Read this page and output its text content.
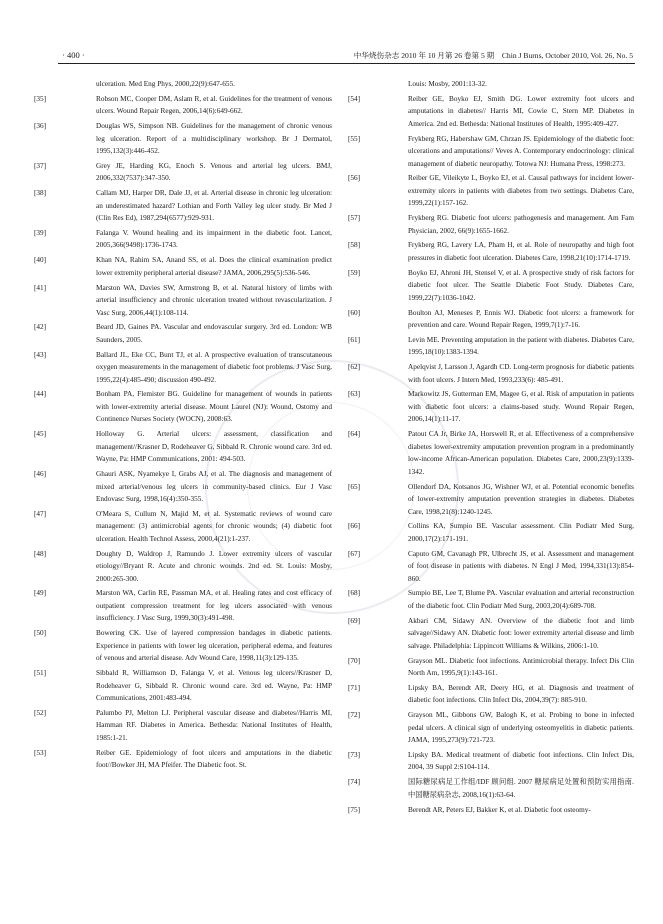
· 400 ·	中华烧伤杂志 2010 年 10 月第 26 卷第 5 期　Chin J Burns, October 2010, Vol. 26, No. 5
ulceration. Med Eng Phys, 2000,22(9):647-655.
[35]	Robson MC, Cooper DM, Aslam R, et al. Guidelines for the treatment of venous ulcers. Wound Repair Regen, 2006,14(6):649-662.
[36]	Douglas WS, Simpson NB. Guidelines for the management of chronic venous leg ulceration. Report of a multidisciplinary workshop. Br J Dermatol, 1995,132(3):446-452.
[37]	Grey JE, Harding KG, Enoch S. Venous and arterial leg ulcers. BMJ, 2006,332(7537):347-350.
[38]	Callam MJ, Harper DR, Dale JJ, et al. Arterial disease in chronic leg ulceration: an underestimated hazard? Lothian and Forth Valley leg ulcer study. Br Med J (Clin Res Ed), 1987,294(6577):929-931.
[39]	Falanga V. Wound healing and its impairment in the diabetic foot. Lancet, 2005,366(9498):1736-1743.
[40]	Khan NA, Rahim SA, Anand SS, et al. Does the clinical examination predict lower extremity peripheral arterial disease? JAMA, 2006,295(5):536-546.
[41]	Marston WA, Davies SW, Armstrong B, et al. Natural history of limbs with arterial insufficiency and chronic ulceration treated without revascularization. J Vasc Surg, 2006,44(1):108-114.
[42]	Beard JD, Gaines PA. Vascular and endovascular surgery. 3rd ed. London: WB Saunders, 2005.
[43]	Ballard JL, Eke CC, Bunt TJ, et al. A prospective evaluation of transcutaneous oxygen measurements in the management of diabetic foot problems. J Vasc Surg, 1995,22(4):485-490; discussion 490-492.
[44]	Bonham PA, Flemister BG. Guideline for management of wounds in patients with lower-extremity arterial disease. Mount Laurel (NJ): Wound, Ostomy and Continence Nurses Society (WOCN), 2008:63.
[45]	Holloway G. Arterial ulcers: assessment, classification and management//Krasner D, Rodeheaver G, Sibbald R. Chronic wound care. 3rd ed. Wayne, Pa: HMP Communications, 2001: 494-503.
[46]	Ghauri ASK, Nyamekye I, Grabs AJ, et al. The diagnosis and management of mixed arterial/venous leg ulcers in community-based clinics. Eur J Vasc Endovasc Surg, 1998,16(4):350-355.
[47]	O'Meara S, Cullum N, Majid M, et al. Systematic reviews of wound care management: (3) antimicrobial agents for chronic wounds; (4) diabetic foot ulceration. Health Technol Assess, 2000,4(21):1-237.
[48]	Doughty D, Waldrop J, Ramundo J. Lower extremity ulcers of vascular etiology//Bryant R. Acute and chronic wounds. 2nd ed. St. Louis: Mosby, 2000:265-300.
[49]	Marston WA, Carlin RE, Passman MA, et al. Healing rates and cost efficacy of outpatient compression treatment for leg ulcers associated with venous insufficiency. J Vasc Surg, 1999,30(3):491-498.
[50]	Bowering CK. Use of layered compression bandages in diabetic patients. Experience in patients with lower leg ulceration, peripheral edema, and features of venous and arterial disease. Adv Wound Care, 1998,11(3):129-135.
[51]	Sibbald R, Williamson D, Falanga V, et al. Venous leg ulcers//Krasner D, Rodeheaver G, Sibbald R. Chronic wound care. 3rd ed. Wayne, Pa: HMP Communications, 2001:483-494.
[52]	Palumbo PJ, Melton LJ. Peripheral vascular disease and diabetes//Harris MI, Hamman RF. Diabetes in America. Bethesda: National Institutes of Health, 1985:1-21.
[53]	Reiber GE. Epidemiology of foot ulcers and amputations in the diabetic foot//Bowker JH, MA Pfeifer. The Diabetic foot. St.
Louis: Mosby, 2001:13-32.
[54]	Reiber GE, Boyko EJ, Smith DG. Lower extremity foot ulcers and amputations in diabetes// Harris MI, Cowie C, Stern MP. Diabetes in America. 2nd ed. Bethesda: National Institutes of Health, 1995:409-427.
[55]	Frykberg RG, Habershaw GM, Chrzan JS. Epidemiology of the diabetic foot: ulcerations and amputations// Veves A. Contemporary endocrinology: clinical management of diabetic neuropathy. Totowa NJ: Humana Press, 1998:273.
[56]	Reiber GE, Vileikyte L, Boyko EJ, et al. Causal pathways for incident lower-extremity ulcers in patients with diabetes from two settings. Diabetes Care, 1999,22(1):157-162.
[57]	Frykberg RG. Diabetic foot ulcers: pathogenesis and management. Am Fam Physician, 2002, 66(9):1655-1662.
[58]	Frykberg RG, Lavery LA, Pham H, et al. Role of neuropathy and high foot pressures in diabetic foot ulceration. Diabetes Care, 1998,21(10):1714-1719.
[59]	Boyko EJ, Ahroni JH, Stensel V, et al. A prospective study of risk factors for diabetic foot ulcer. The Seattle Diabetic Foot Study. Diabetes Care, 1999,22(7):1036-1042.
[60]	Boulton AJ, Meneses P, Ennis WJ. Diabetic foot ulcers: a framework for prevention and care. Wound Repair Regen, 1999,7(1):7-16.
[61]	Levin ME. Preventing amputation in the patient with diabetes. Diabetes Care, 1995,18(10):1383-1394.
[62]	Apelqvist J, Larsson J, Agardh CD. Long-term prognosis for diabetic patients with foot ulcers. J Intern Med, 1993,233(6): 485-491.
[63]	Markowitz JS, Gutterman EM, Magee G, et al. Risk of amputation in patients with diabetic foot ulcers: a claims-based study. Wound Repair Regen, 2006,14(1):11-17.
[64]	Patout CA Jr, Birke JA, Horswell R, et al. Effectiveness of a comprehensive diabetes lower-extremity amputation prevention program in a predominantly low-income African-American population. Diabetes Care, 2000,23(9):1339-1342.
[65]	Ollendorf DA, Kotsanos JG, Wishner WJ, et al. Potential economic benefits of lower-extremity amputation prevention strategies in diabetes. Diabetes Care, 1998,21(8):1240-1245.
[66]	Collins KA, Sumpio BE. Vascular assessment. Clin Podiatr Med Surg, 2000,17(2):171-191.
[67]	Caputo GM, Cavanagh PR, Ulbrecht JS, et al. Assessment and management of foot disease in patients with diabetes. N Engl J Med, 1994,331(13):854-860.
[68]	Sumpio BE, Lee T, Blume PA. Vascular evaluation and arterial reconstruction of the diabetic foot. Clin Podiatr Med Surg, 2003,20(4):689-708.
[69]	Akbari CM, Sidawy AN. Overview of the diabetic foot and limb salvage//Sidawy AN. Diabetic foot: lower extremity arterial disease and limb salvage. Philadelphia: Lippincott Williams & Wilkins, 2006:1-10.
[70]	Grayson ML. Diabetic foot infections. Antimicrobial therapy. Infect Dis Clin North Am, 1995,9(1):143-161.
[71]	Lipsky BA, Berendt AR, Deery HG, et al. Diagnosis and treatment of diabetic foot infections. Clin Infect Dis, 2004,39(7): 885-910.
[72]	Grayson ML, Gibbons GW, Balogh K, et al. Probing to bone in infected pedal ulcers. A clinical sign of underlying osteomyelitis in diabetic patients. JAMA, 1995,273(9):721-723.
[73]	Lipsky BA. Medical treatment of diabetic foot infections. Clin Infect Dis, 2004, 39 Suppl 2:S104-114.
[74]	国际糖尿病足工作组/IDF 顾问组. 2007 糖尿病足处置和预防实用指南. 中国糖尿病杂志, 2008,16(1):63-64.
[75]	Berendt AR, Peters EJ, Bakker K, et al. Diabetic foot osteomy-
